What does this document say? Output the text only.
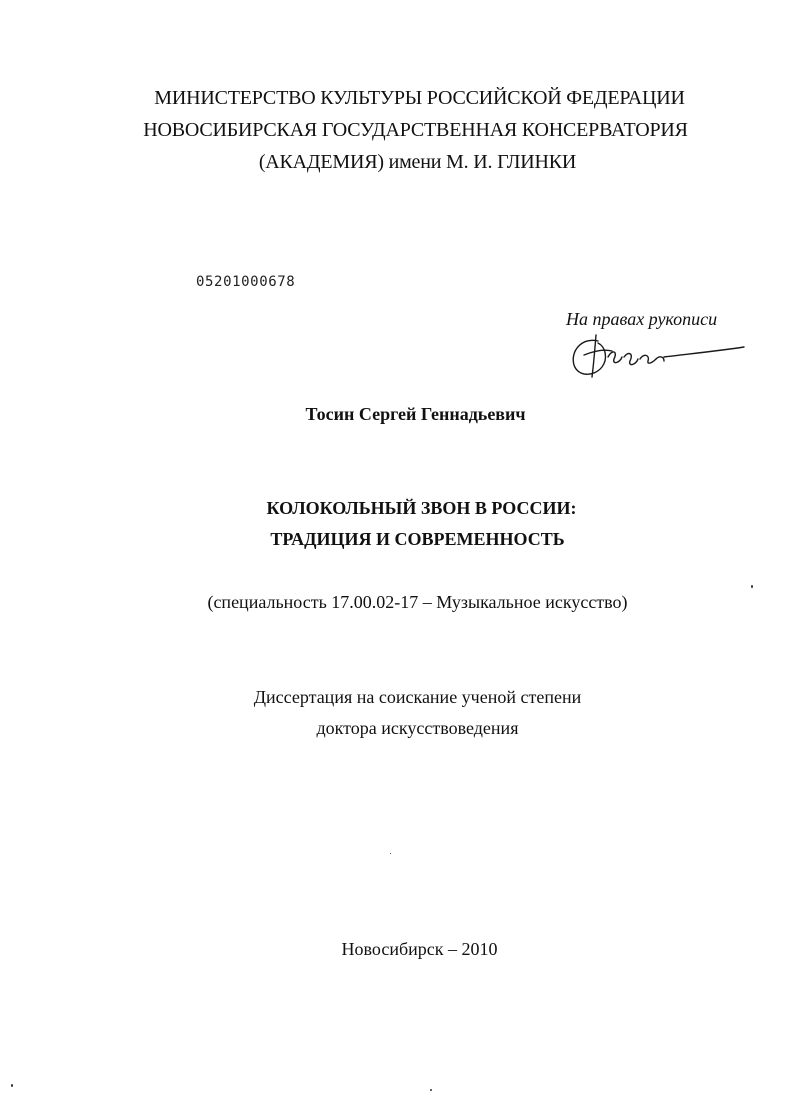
МИНИСТЕРСТВО КУЛЬТУРЫ РОССИЙСКОЙ ФЕДЕРАЦИИ
НОВОСИБИРСКАЯ ГОСУДАРСТВЕННАЯ КОНСЕРВАТОРИЯ
(АКАДЕМИЯ) имени М. И. ГЛИНКИ
05201000678
На правах рукописи
Тосин Сергей Геннадьевич
КОЛОКОЛЬНЫЙ ЗВОН В РОССИИ:
ТРАДИЦИЯ И СОВРЕМЕННОСТЬ
(специальность 17.00.02-17 – Музыкальное искусство)
Диссертация на соискание ученой степени
доктора искусствоведения
Новосибирск – 2010
